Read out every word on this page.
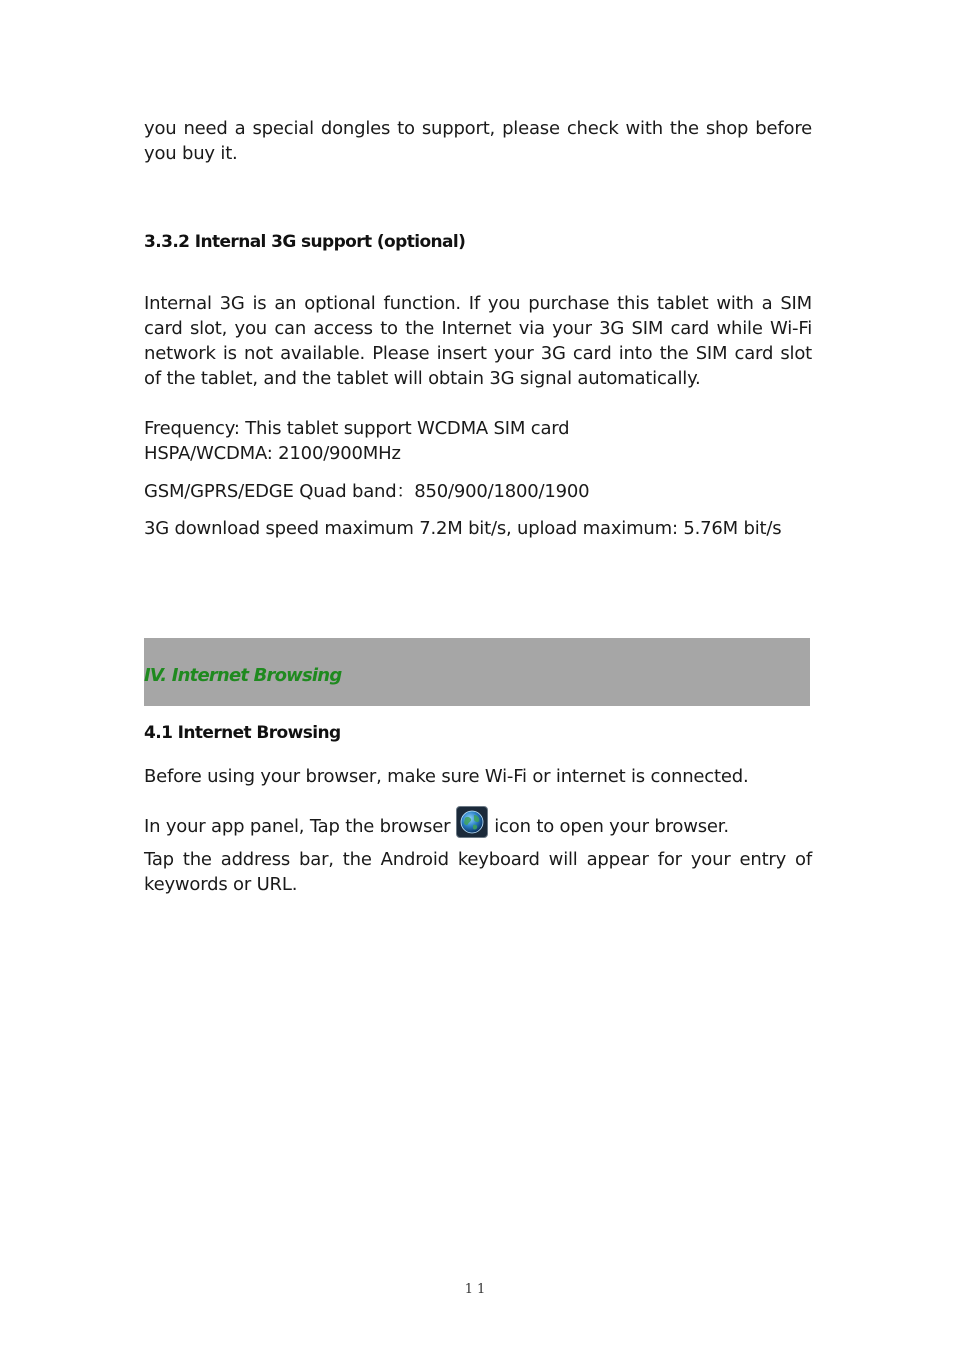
you need a special dongles to support, please check with the shop before you buy it.

3.3.2 Internal 3G support (optional)

Internal 3G is an optional function. If you purchase this tablet with a SIM card slot, you can access to the Internet via your 3G SIM card while Wi-Fi network is not available. Please insert your 3G card into the SIM card slot of the tablet, and the tablet will obtain 3G signal automatically.

Frequency: This tablet support WCDMA SIM card
HSPA/WCDMA: 2100/900MHz

GSM/GPRS/EDGE Quad band：850/900/1800/1900

3G download speed maximum 7.2M bit/s, upload maximum: 5.76M bit/s

IV. Internet Browsing
4.1 Internet Browsing

Before using your browser, make sure Wi-Fi or internet is connected.

In your app panel, Tap the browser icon to open your browser.

Tap the address bar, the Android keyboard will appear for your entry of keywords or URL.

11
